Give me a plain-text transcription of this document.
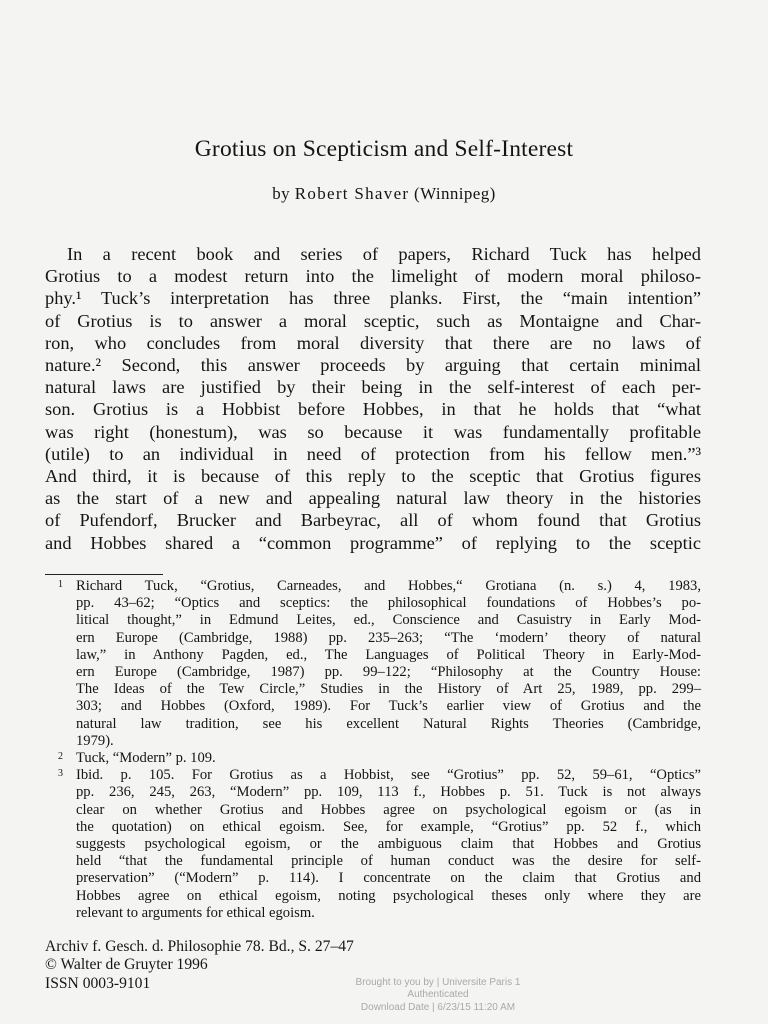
Grotius on Scepticism and Self-Interest
by Robert Shaver (Winnipeg)
In a recent book and series of papers, Richard Tuck has helped
Grotius to a modest return into the limelight of modern moral philoso-
phy.¹ Tuck’s interpretation has three planks. First, the “main intention”
of Grotius is to answer a moral sceptic, such as Montaigne and Char-
ron, who concludes from moral diversity that there are no laws of
nature.² Second, this answer proceeds by arguing that certain minimal
natural laws are justified by their being in the self-interest of each per-
son. Grotius is a Hobbist before Hobbes, in that he holds that “what
was right (honestum), was so because it was fundamentally profitable
(utile) to an individual in need of protection from his fellow men.”³
And third, it is because of this reply to the sceptic that Grotius figures
as the start of a new and appealing natural law theory in the histories
of Pufendorf, Brucker and Barbeyrac, all of whom found that Grotius
and Hobbes shared a “common programme” of replying to the sceptic
1 Richard Tuck, “Grotius, Carneades, and Hobbes,“ Grotiana (n. s.) 4, 1983,
pp. 43–62; “Optics and sceptics: the philosophical foundations of Hobbes’s po-
litical thought,” in Edmund Leites, ed., Conscience and Casuistry in Early Mod-
ern Europe (Cambridge, 1988) pp. 235–263; “The ‘modern’ theory of natural
law,” in Anthony Pagden, ed., The Languages of Political Theory in Early-Mod-
ern Europe (Cambridge, 1987) pp. 99–122; “Philosophy at the Country House:
The Ideas of the Tew Circle,” Studies in the History of Art 25, 1989, pp. 299–
303; and Hobbes (Oxford, 1989). For Tuck’s earlier view of Grotius and the
natural law tradition, see his excellent Natural Rights Theories (Cambridge,
1979).
2 Tuck, “Modern” p. 109.
3 Ibid. p. 105. For Grotius as a Hobbist, see “Grotius” pp. 52, 59–61, “Optics”
pp. 236, 245, 263, “Modern” pp. 109, 113 f., Hobbes p. 51. Tuck is not always
clear on whether Grotius and Hobbes agree on psychological egoism or (as in
the quotation) on ethical egoism. See, for example, “Grotius” pp. 52 f., which
suggests psychological egoism, or the ambiguous claim that Hobbes and Grotius
held “that the fundamental principle of human conduct was the desire for self-
preservation” (“Modern” p. 114). I concentrate on the claim that Grotius and
Hobbes agree on ethical egoism, noting psychological theses only where they are
relevant to arguments for ethical egoism.
Archiv f. Gesch. d. Philosophie 78. Bd., S. 27–47
© Walter de Gruyter 1996
ISSN 0003-9101	Brought to you by | Universite Paris 1
Authenticated
Download Date | 6/23/15 11:20 AM
